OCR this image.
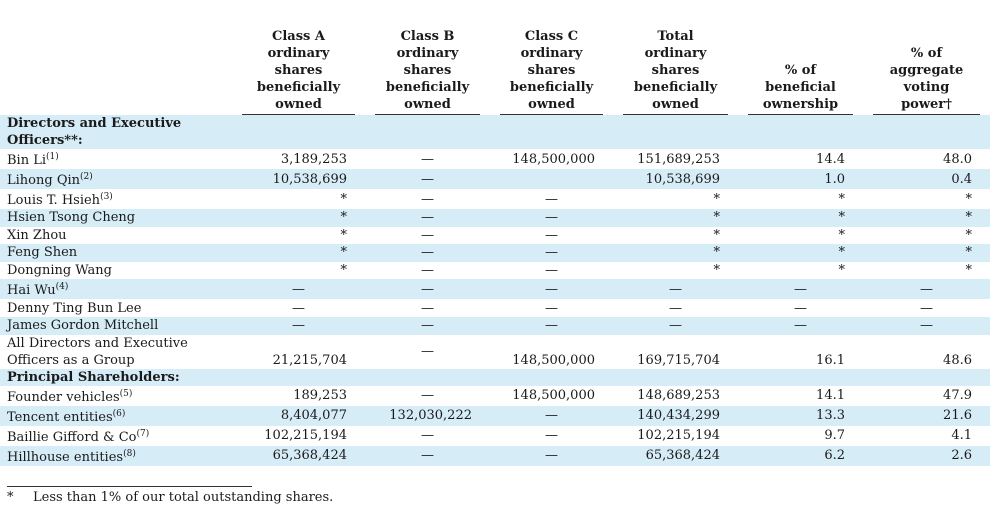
	Class A
ordinary
shares
beneficially
owned	Class B
ordinary
shares
beneficially
owned	Class C
ordinary
shares
beneficially
owned	Total
ordinary
shares
beneficially
owned	% of
beneficial
ownership	% of
aggregate
voting
power†

Directors and Executive
Officers**:						

Bin Li$^{(1)}$	3,189,253	—	148,500,000	151,689,253	14.4	48.0
Lihong Qin$^{(2)}$	10,538,699	—		10,538,699	1.0	0.4
Louis T. Hsieh$^{(3)}$	*	—	—	*	*	*
Hsien Tsong Cheng	*	—	—	*	*	*
Xin Zhou	*	—	—	*	*	*
Feng Shen	*	—	—	*	*	*
Dongning Wang	*	—	—	*	*	*
Hai Wu$^{(4)}$	—	—	—	—	—	—
Denny Ting Bun Lee	—	—	—	—	—	—
James Gordon Mitchell	—	—	—	—	—	—

All Directors and Executive
Officers as a Group	21,215,704	—	148,500,000	169,715,704	16.1	48.6

Principal Shareholders:						

Founder vehicles$^{(5)}$	189,253	—	148,500,000	148,689,253	14.1	47.9
Tencent entities$^{(6)}$	8,404,077	132,030,222	—	140,434,299	13.3	21.6
Baillie Gifford & Co$^{(7)}$	102,215,194	—	—	102,215,194	9.7	4.1
Hillhouse entities$^{(8)}$	65,368,424	—	—	65,368,424	6.2	2.6
* Less than 1% of our total outstanding shares.
